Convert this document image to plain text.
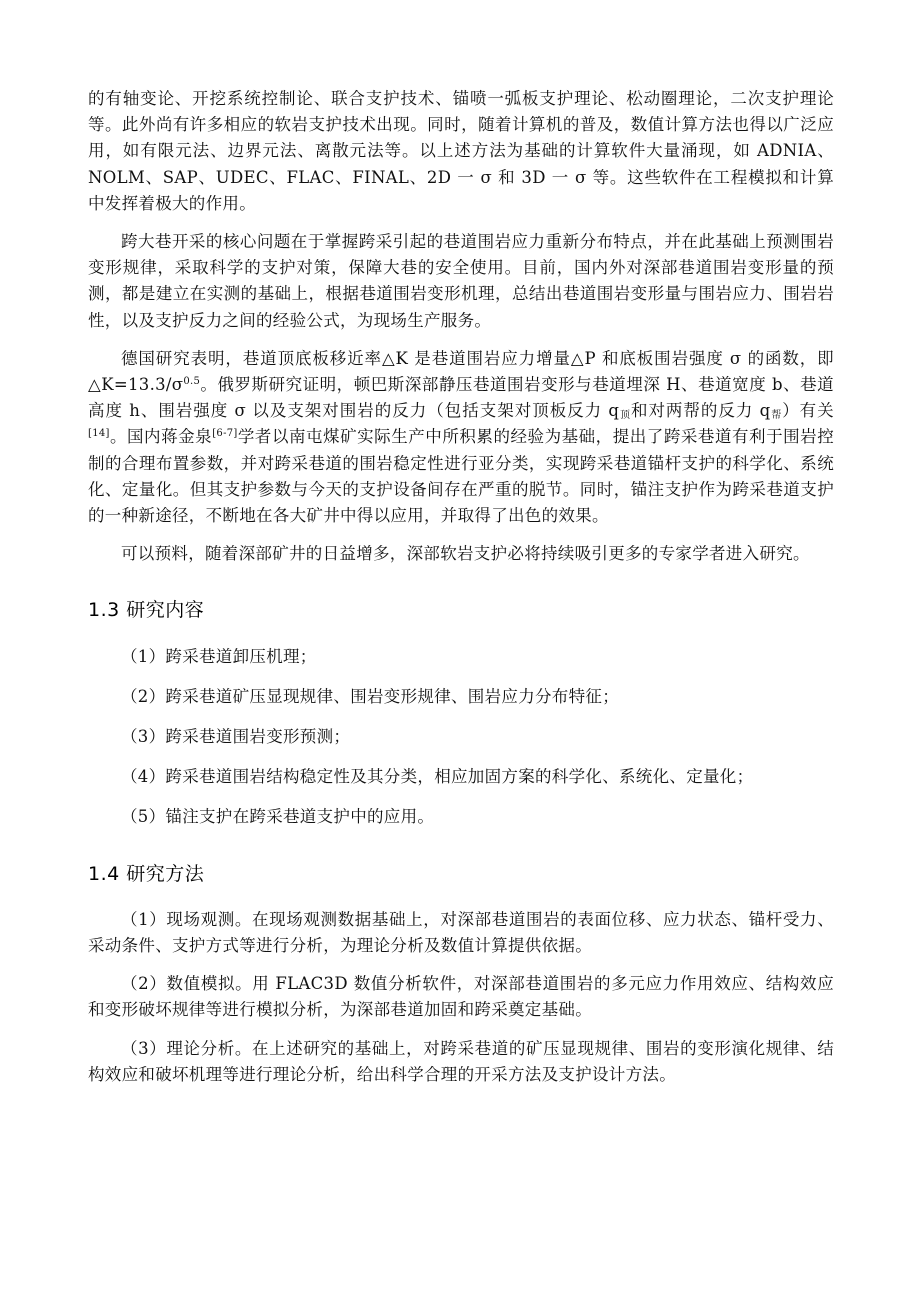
的有轴变论、开挖系统控制论、联合支护技术、锚喷一弧板支护理论、松动圈理论，二次支护理论等。此外尚有许多相应的软岩支护技术出现。同时，随着计算机的普及，数值计算方法也得以广泛应用，如有限元法、边界元法、离散元法等。以上述方法为基础的计算软件大量涌现，如 ADNIA、NOLM、SAP、UDEC、FLAC、FINAL、2D 一 σ 和 3D 一 σ 等。这些软件在工程模拟和计算中发挥着极大的作用。

跨大巷开采的核心问题在于掌握跨采引起的巷道围岩应力重新分布特点，并在此基础上预测围岩变形规律，采取科学的支护对策，保障大巷的安全使用。目前，国内外对深部巷道围岩变形量的预测，都是建立在实测的基础上，根据巷道围岩变形机理，总结出巷道围岩变形量与围岩应力、围岩岩性，以及支护反力之间的经验公式，为现场生产服务。

德国研究表明，巷道顶底板移近率△K 是巷道围岩应力增量△P 和底板围岩强度 σ 的函数，即$\triangle K=13.3/\sigma^{0.5}$。俄罗斯研究证明，顿巴斯深部静压巷道围岩变形与巷道埋深 H、巷道宽度 b、巷道高度 h、围岩强度 σ 以及支架对围岩的反力（包括支架对顶板反力 $q_顶$和对两帮的反力 $q_帮$）有关[14]。国内蒋金泉[6-7]学者以南屯煤矿实际生产中所积累的经验为基础，提出了跨采巷道有利于围岩控制的合理布置参数，并对跨采巷道的围岩稳定性进行亚分类，实现跨采巷道锚杆支护的科学化、系统化、定量化。但其支护参数与今天的支护设备间存在严重的脱节。同时，锚注支护作为跨采巷道支护的一种新途径，不断地在各大矿井中得以应用，并取得了出色的效果。

可以预料，随着深部矿井的日益增多，深部软岩支护必将持续吸引更多的专家学者进入研究。

1.3 研究内容

（1）跨采巷道卸压机理；

（2）跨采巷道矿压显现规律、围岩变形规律、围岩应力分布特征；

（3）跨采巷道围岩变形预测；

（4）跨采巷道围岩结构稳定性及其分类，相应加固方案的科学化、系统化、定量化；

（5）锚注支护在跨采巷道支护中的应用。

1.4 研究方法

（1）现场观测。在现场观测数据基础上，对深部巷道围岩的表面位移、应力状态、锚杆受力、采动条件、支护方式等进行分析，为理论分析及数值计算提供依据。

（2）数值模拟。用 FLAC3D 数值分析软件，对深部巷道围岩的多元应力作用效应、结构效应和变形破坏规律等进行模拟分析，为深部巷道加固和跨采奠定基础。

（3）理论分析。在上述研究的基础上，对跨采巷道的矿压显现规律、围岩的变形演化规律、结构效应和破坏机理等进行理论分析，给出科学合理的开采方法及支护设计方法。
